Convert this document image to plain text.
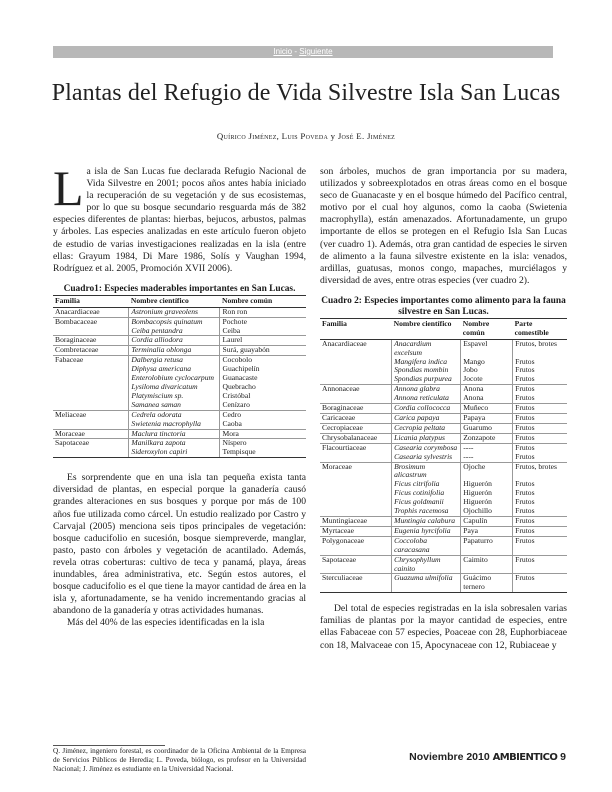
Inicio - Siguiente
Plantas del Refugio de Vida Silvestre Isla San Lucas
Quírico Jiménez, Luis Poveda y José E. Jiménez

La isla de San Lucas fue declarada Refugio Nacional de Vida Silvestre en 2001; pocos años antes había iniciado la recuperación de su vegetación y de sus ecosistemas, por lo que su bosque secundario resguarda más de 382 especies diferentes de plantas: hierbas, bejucos, arbustos, palmas y árboles. Las especies analizadas en este artículo fueron objeto de estudio de varias investigaciones realizadas en la isla (entre ellas: Grayum 1984, Di Mare 1986, Solís y Vaughan 1994, Rodríguez et al. 2005, Promoción XVII 2006).

Cuadro1: Especies maderables importantes en San Lucas.
Familia	Nombre científico	Nombre común
Anacardiaceae	Astronium graveolens	Ron ron
Bombacaceae	Bombacopsis quinatum	Pochote
	Ceiba pentandra	Ceiba
Boraginaceae	Cordia alliodora	Laurel
Combretaceae	Terminalia oblonga	Surá, guayabón
Fabaceae	Dalbergia retusa	Cocobolo
	Diphysa americana	Guachipelín
	Enterolobium cyclocarpum	Guanacaste
	Lysiloma divaricatum	Quebracho
	Platymiscium sp.	Cristóbal
	Samanea saman	Cenízaro
Meliaceae	Cedrela odorata	Cedro
	Swietenia macrophylla	Caoba
Moraceae	Maclura tinctoria	Mora
Sapotaceae	Manilkara zapota	Níspero
	Sideroxylon capiri	Tempisque

Es sorprendente que en una isla tan pequeña exista tanta diversidad de plantas, en especial porque la ganadería causó grandes alteraciones en sus bosques y porque por más de 100 años fue utilizada como cárcel. Un estudio realizado por Castro y Carvajal (2005) menciona seis tipos principales de vegetación: bosque caducifolio en sucesión, bosque siempreverde, manglar, pasto, pasto con árboles y vegetación de acantilado. Además, revela otras coberturas: cultivo de teca y panamá, playa, áreas inundables, área administrativa, etc. Según estos autores, el bosque caducifolio es el que tiene la mayor cantidad de área en la isla y, afortunadamente, se ha venido incrementando gracias al abandono de la ganadería y otras actividades humanas.

Más del 40% de las especies identificadas en la isla

son árboles, muchos de gran importancia por su madera, utilizados y sobreexplotados en otras áreas como en el bosque seco de Guanacaste y en el bosque húmedo del Pacífico central, motivo por el cual hoy algunos, como la caoba (Swietenia macrophylla), están amenazados. Afortunadamente, un grupo importante de ellos se protegen en el Refugio Isla San Lucas (ver cuadro 1). Además, otra gran cantidad de especies le sirven de alimento a la fauna silvestre existente en la isla: venados, ardillas, guatusas, monos congo, mapaches, murciélagos y diversidad de aves, entre otras especies (ver cuadro 2).

Cuadro 2: Especies importantes como alimento para la fauna silvestre en San Lucas.
Familia	Nombre científico	Nombre común	Parte comestible
Anacardiaceae	Anacardium excelsum	Espavel	Frutos, brotes
	Mangifera indica	Mango	Frutos
	Spondias mombin	Jobo	Frutos
	Spondias purpurea	Jocote	Frutos
Annonaceae	Annona glabra	Anona	Frutos
	Annona reticulata	Anona	Frutos
Boraginaceae	Cordia collococca	Muñeco	Frutos
Caricaceae	Carica papaya	Papaya	Frutos
Cecropiaceae	Cecropia peltata	Guarumo	Frutos
Chrysobalanaceae	Licania platypus	Zonzapote	Frutos
Flacourtiaceae	Casearia corymbosa	----	Frutos
	Casearia sylvestris	----	Frutos
Moraceae	Brosimum alicastrum	Ojoche	Frutos, brotes
	Ficus citrifolia	Higuerón	Frutos
	Ficus cotinifolia	Higuerón	Frutos
	Ficus goldmanii	Higuerón	Frutos
	Trophis racemosa	Ojochillo	Frutos
Muntingiaceae	Muntingia calabura	Capulín	Frutos
Myrtaceae	Eugenia hyrcifolia	Paya	Frutos
Polygonaceae	Coccoloba caracasana	Papaturro	Frutos
Sapotaceae	Chrysophyllum cainito	Caimito	Frutos
Sterculiaceae	Guazuma ulmifolia	Guácimo ternero	Frutos

Del total de especies registradas en la isla sobresalen varias familias de plantas por la mayor cantidad de especies, entre ellas Fabaceae con 57 especies, Poaceae con 28, Euphorbiaceae con 18, Malvaceae con 15, Apocynaceae con 12, Rubiaceae y

Q. Jiménez, ingeniero forestal, es coordinador de la Oficina Ambiental de la Empresa de Servicios Públicos de Heredia; L. Poveda, biólogo, es profesor en la Universidad Nacional; J. Jiménez es estudiante en la Universidad Nacional.
Noviembre 2010 AMBIENTICO 9
